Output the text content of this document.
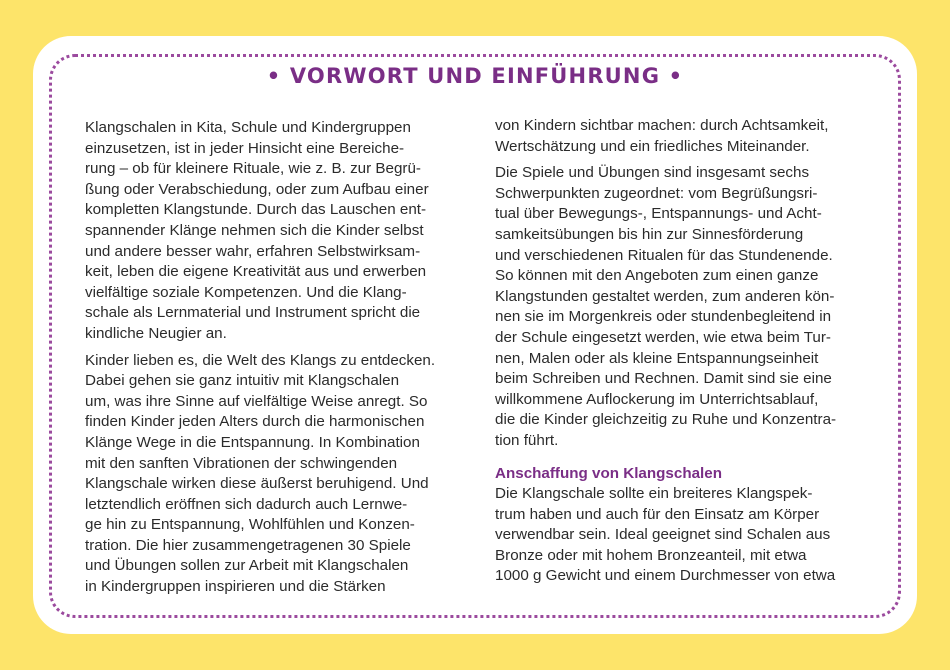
• VORWORT UND EINFÜHRUNG •

Klangschalen in Kita, Schule und Kindergruppen
einzusetzen, ist in jeder Hinsicht eine Bereiche-
rung – ob für kleinere Rituale, wie z. B. zur Begrü-
ßung oder Verabschiedung, oder zum Aufbau einer
kompletten Klangstunde. Durch das Lauschen ent-
spannender Klänge nehmen sich die Kinder selbst
und andere besser wahr, erfahren Selbstwirksam-
keit, leben die eigene Kreativität aus und erwerben
vielfältige soziale Kompetenzen. Und die Klang-
schale als Lernmaterial und Instrument spricht die
kindliche Neugier an.

Kinder lieben es, die Welt des Klangs zu entdecken.
Dabei gehen sie ganz intuitiv mit Klangschalen
um, was ihre Sinne auf vielfältige Weise anregt. So
finden Kinder jeden Alters durch die harmonischen
Klänge Wege in die Entspannung. In Kombination
mit den sanften Vibrationen der schwingenden
Klangschale wirken diese äußerst beruhigend. Und
letztendlich eröffnen sich dadurch auch Lernwe-
ge hin zu Entspannung, Wohlfühlen und Konzen-
tration. Die hier zusammengetragenen 30 Spiele
und Übungen sollen zur Arbeit mit Klangschalen
in Kindergruppen inspirieren und die Stärken

von Kindern sichtbar machen: durch Achtsamkeit,
Wertschätzung und ein friedliches Miteinander.

Die Spiele und Übungen sind insgesamt sechs
Schwerpunkten zugeordnet: vom Begrüßungsri-
tual über Bewegungs-, Entspannungs- und Acht-
samkeitsübungen bis hin zur Sinnesförderung
und verschiedenen Ritualen für das Stundenende.
So können mit den Angeboten zum einen ganze
Klangstunden gestaltet werden, zum anderen kön-
nen sie im Morgenkreis oder stundenbegleitend in
der Schule eingesetzt werden, wie etwa beim Tur-
nen, Malen oder als kleine Entspannungseinheit
beim Schreiben und Rechnen. Damit sind sie eine
willkommene Auflockerung im Unterrichtsablauf,
die die Kinder gleichzeitig zu Ruhe und Konzentra-
tion führt.

Anschaffung von Klangschalen

Die Klangschale sollte ein breiteres Klangspek-
trum haben und auch für den Einsatz am Körper
verwendbar sein. Ideal geeignet sind Schalen aus
Bronze oder mit hohem Bronzeanteil, mit etwa
1000 g Gewicht und einem Durchmesser von etwa
